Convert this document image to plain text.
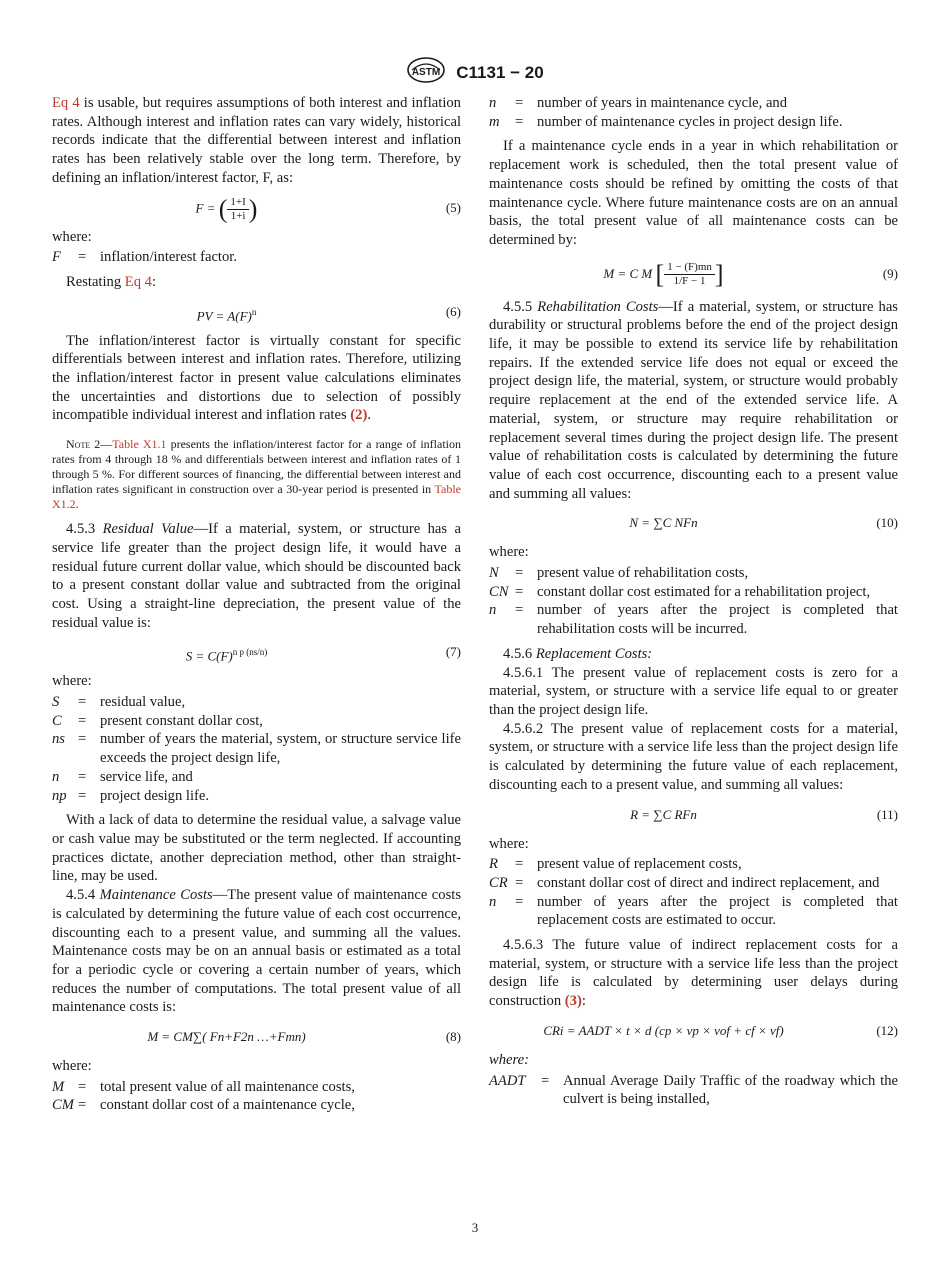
ASTM C1131 − 20

Eq 4 is usable, but requires assumptions of both interest and inflation rates. Although interest and inflation rates can vary widely, historical records indicate that the differential between interest and inflation rates has been relatively stable over the long term. Therefore, by defining an inflation/interest factor, F, as:

F = ( $\frac{1+I}{1+i}$ )	(5)

where:

F	= inflation/interest factor.

Restating Eq 4:

PV = $A(F)^n$	(6)

The inflation/interest factor is virtually constant for specific differentials between interest and inflation rates. Therefore, utilizing the inflation/interest factor in present value calculations eliminates the uncertainties and distortions due to selection of possibly incompatible individual interest and inflation rates (2).

Note 2—Table X1.1 presents the inflation/interest factor for a range of inflation rates from 4 through 18 % and differentials between interest and inflation rates of 1 through 5 %. For different sources of financing, the differential between interest and inflation rates significant in construction over a 30-year period is presented in Table X1.2.

4.5.3 Residual Value—If a material, system, or structure has a service life greater than the project design life, it would have a residual future current dollar value, which should be discounted back to a present constant dollar value and subtracted from the original cost. Using a straight-line depreciation, the present value of the residual value is:

$S = C(F)^{n p (ns/n)}$	(7)

where:

S	= residual value,
C	= present constant dollar cost,
ns = number of years the material, system, or structure service life exceeds the project design life,
n	= service life, and
np = project design life.

With a lack of data to determine the residual value, a salvage value or cash value may be substituted or the term neglected. If accounting practices dictate, another depreciation method, other than straight-line, may be used.

4.5.4 Maintenance Costs—The present value of maintenance costs is calculated by determining the future value of each cost occurrence, discounting each to a present value, and summing all the values. Maintenance costs may be on an annual basis or estimated as a total for a periodic cycle or covering a certain number of years, which reduces the number of computations. The total present value of all maintenance costs is:

M = CM∑( Fn+F2n …+Fmn)	(8)

where:

M = total present value of all maintenance costs,
CM = constant dollar cost of a maintenance cycle,
n	= number of years in maintenance cycle, and
m	= number of maintenance cycles in project design life.

If a maintenance cycle ends in a year in which rehabilitation or replacement work is scheduled, then the total present value of maintenance costs should be refined by omitting the costs of that maintenance cycle. Where future maintenance costs are on an annual basis, the total present value of all maintenance costs can be determined by:

M = C M [ $\frac{1 - (F)mn}{1/F - 1}$ ]	(9)

4.5.5 Rehabilitation Costs—If a material, system, or structure has durability or structural problems before the end of the project design life, it may be possible to extend its service life by rehabilitation repairs. If the extended service life does not equal or exceed the project design life, the material, system, or structure would probably require replacement at the end of the extended service life. A material, system, or structure may require rehabilitation or replacement several times during the project design life. The present value of rehabilitation costs is calculated by determining the future value of each cost occurrence, discounting each to a present value and summing all values:

N = ∑C NFn	(10)

where:

N	= present value of rehabilitation costs,
CN = constant dollar cost estimated for a rehabilitation project,
n	= number of years after the project is completed that rehabilitation costs will be incurred.

4.5.6 Replacement Costs:

4.5.6.1 The present value of replacement costs is zero for a material, system, or structure with a service life equal to or greater than the project design life.

4.5.6.2 The present value of replacement costs for a material, system, or structure with a service life less than the project design life is calculated by determining the future value of each replacement, discounting each to a present value, and summing all values:

R = ∑C RFn	(11)

where:

R	= present value of replacement costs,
CR = constant dollar cost of direct and indirect replacement, and
n	= number of years after the project is completed that replacement costs are estimated to occur.

4.5.6.3 The future value of indirect replacement costs for a material, system, or structure with a service life less than the project design life is calculated by determining user delays during construction (3):

CRi = AADT × t × d (cp × vp × vof + cf × vf)	(12)

where:

AADT	= Annual Average Daily Traffic of the roadway which the culvert is being installed,
3
